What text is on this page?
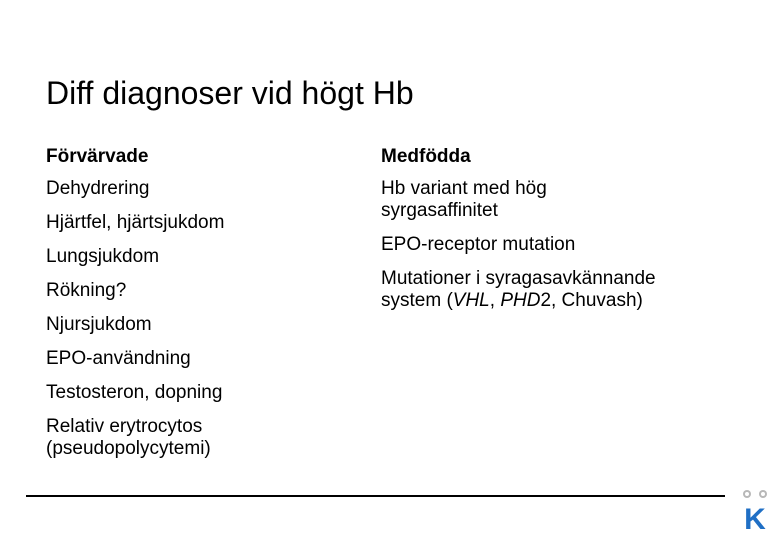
Diff diagnoser vid högt Hb
Förvärvade
Dehydrering
Hjärtfel, hjärtsjukdom
Lungsjukdom
Rökning?
Njursjukdom
EPO-användning
Testosteron, dopning
Relativ erytrocytos (pseudopolycytemi)
Medfödda
Hb variant med hög syrgasaffinitet
EPO-receptor mutation
Mutationer i syragasavkännande system (VHL, PHD2, Chuvash)
K
